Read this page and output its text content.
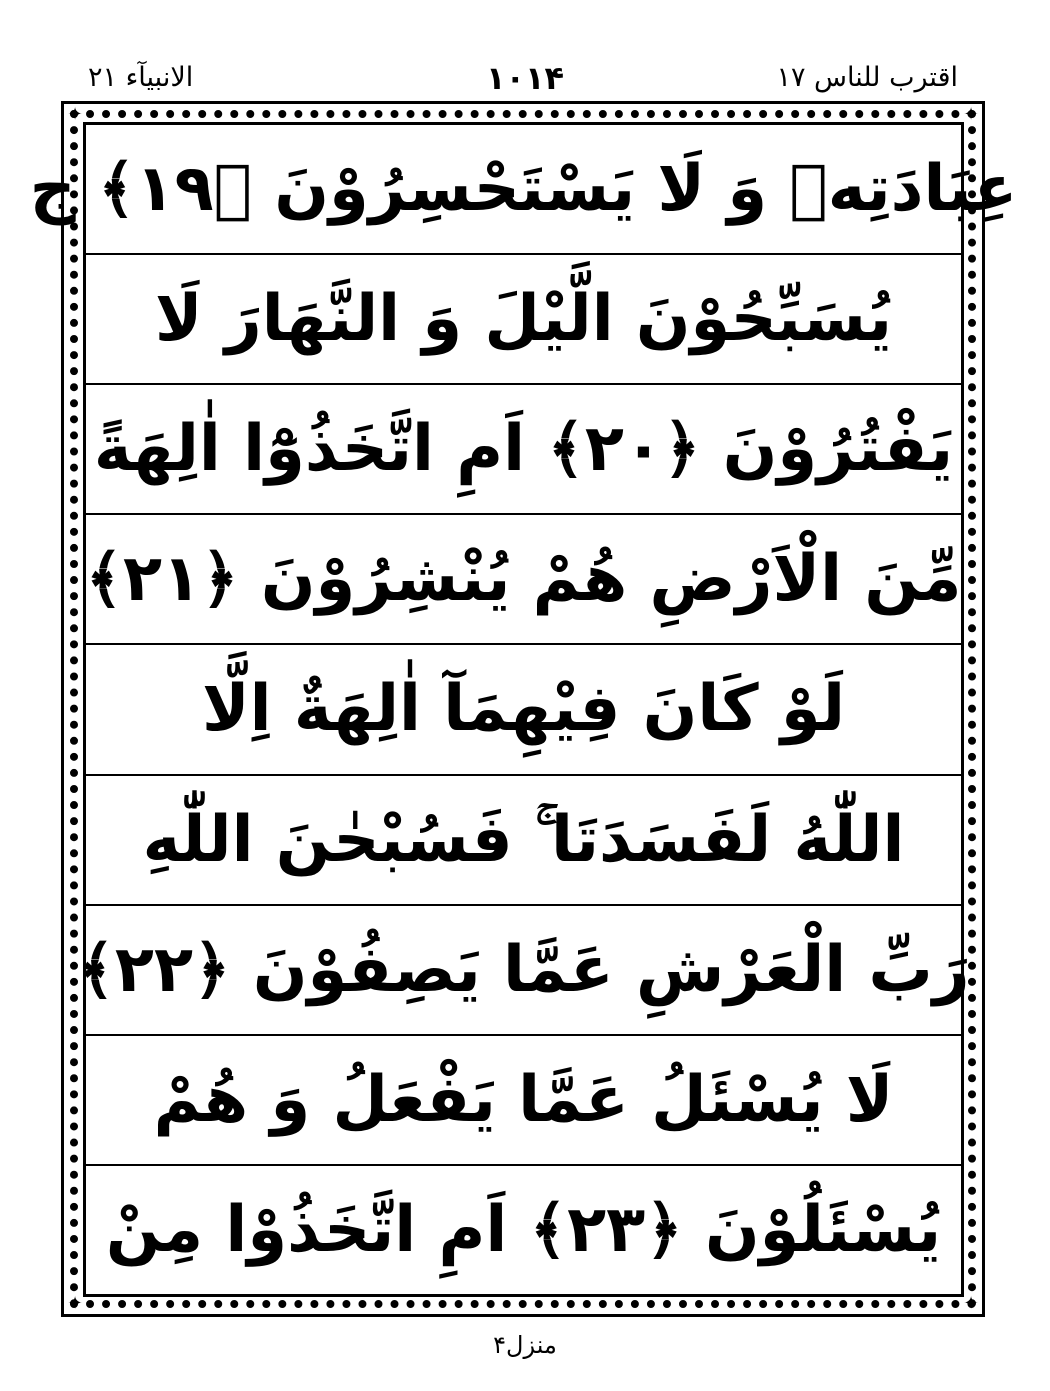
اقترب للناس ۱۷
۱۰۱۴
الانبیآء ۲۱
✦	✦
✦	✦
عِبَادَتِهٖ وَ لَا يَسْتَحْسِرُوْنَ ﴿۱۹﴾ ج
يُسَبِّحُوْنَ الَّيْلَ وَ النَّهَارَ لَا
يَفْتُرُوْنَ ﴿۲۰﴾ اَمِ اتَّخَذُوْٓا اٰلِهَةً
مِّنَ الْاَرْضِ هُمْ يُنْشِرُوْنَ ﴿۲۱﴾
لَوْ كَانَ فِيْهِمَآ اٰلِهَةٌ اِلَّا
اللّٰهُ لَفَسَدَتَا ۚ فَسُبْحٰنَ اللّٰهِ
رَبِّ الْعَرْشِ عَمَّا يَصِفُوْنَ ﴿۲۲﴾
لَا يُسْئَلُ عَمَّا يَفْعَلُ وَ هُمْ
يُسْئَلُوْنَ ﴿۲۳﴾ اَمِ اتَّخَذُوْا مِنْ
منزل۴
